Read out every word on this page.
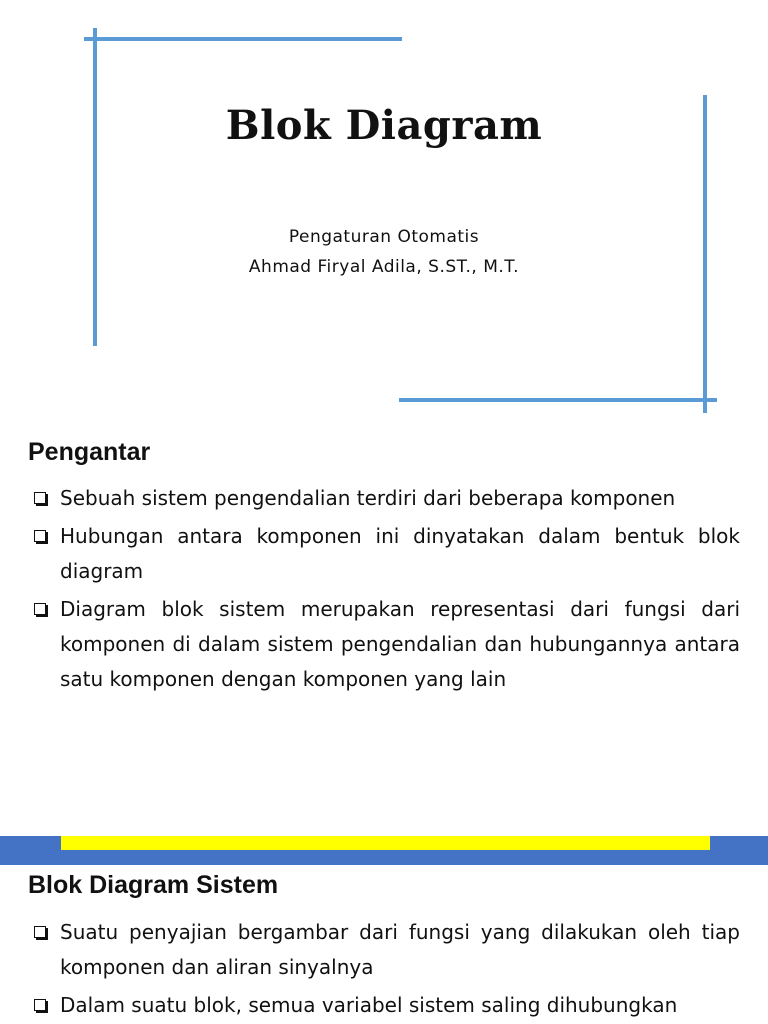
Blok Diagram
Pengaturan Otomatis
Ahmad Firyal Adila, S.ST., M.T.
Pengantar
Sebuah sistem pengendalian terdiri dari beberapa komponen
Hubungan antara komponen ini dinyatakan dalam bentuk blok diagram
Diagram blok sistem merupakan representasi dari fungsi dari komponen di dalam sistem pengendalian dan hubungannya antara satu komponen dengan komponen yang lain
Blok Diagram Sistem
Suatu penyajian bergambar dari fungsi yang dilakukan oleh tiap komponen dan aliran sinyalnya
Dalam suatu blok, semua variabel sistem saling dihubungkan
